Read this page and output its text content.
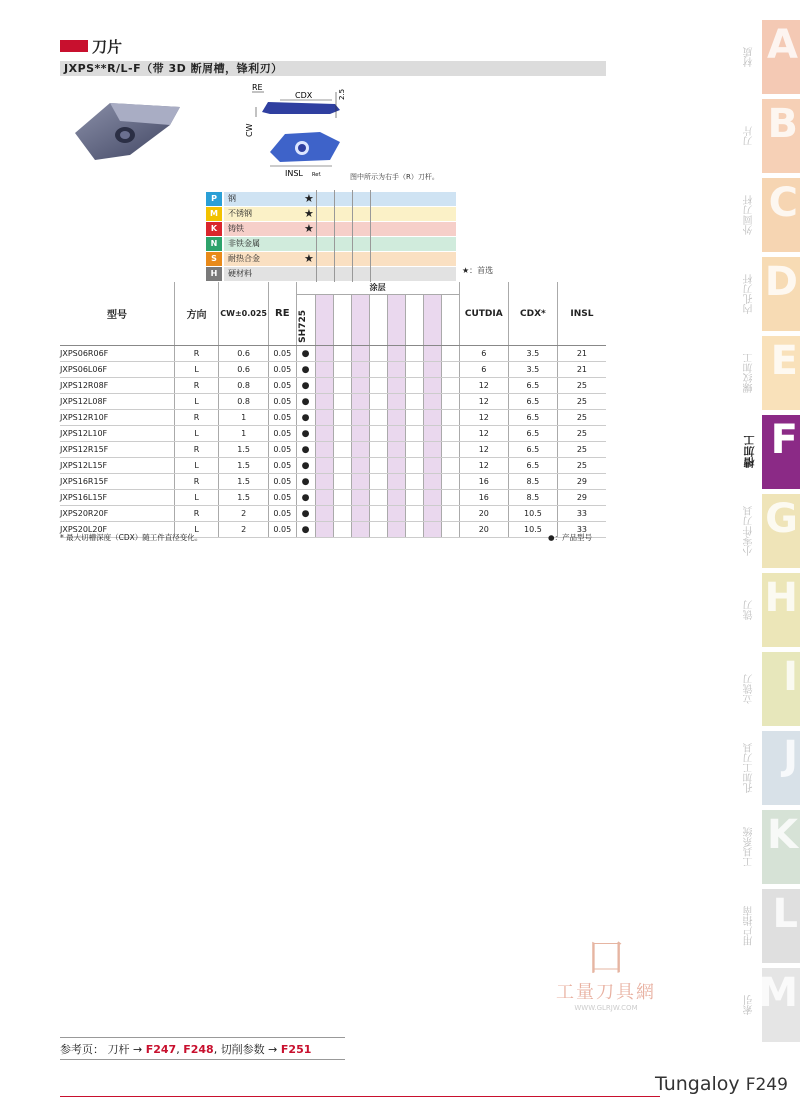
刀片
JXPS**R/L-F（带 3D 断屑槽，锋利刃）
RE
CDX	2.5
CW
INSL Ref.	图中所示为右手（R）刀杆。
P	钢	★
M	不锈钢	★
K	铸铁	★
N	非铁金属
S	耐热合金	★
H	硬材料	★：首选
型号	方向	CW±0.025	RE	涂层
SH725									CUTDIA	CDX*	INSL
JXPS06R06F	R	0.6	0.05	●									6	3.5	21
JXPS06L06F	L	0.6	0.05	●									6	3.5	21
JXPS12R08F	R	0.8	0.05	●									12	6.5	25
JXPS12L08F	L	0.8	0.05	●									12	6.5	25
JXPS12R10F	R	1	0.05	●									12	6.5	25
JXPS12L10F	L	1	0.05	●									12	6.5	25
JXPS12R15F	R	1.5	0.05	●									12	6.5	25
JXPS12L15F	L	1.5	0.05	●									12	6.5	25
JXPS16R15F	R	1.5	0.05	●									16	8.5	29
JXPS16L15F	L	1.5	0.05	●									16	8.5	29
JXPS20R20F	R	2	0.05	●									20	10.5	33
JXPS20L20F	L	2	0.05	●									20	10.5	33
* 最大切槽深度（CDX）随工件直径变化。	●：产品型号
⼞
工量刀具網
WWW.GLRJW.COM
参考页： 刀杆 → F247, F248, 切削参数 → F251
Tungaloy F249
A
材质
B
刀片
C
外圆刀杆
D
内孔刀杆
E
螺纹加工
F
槽加工
G
小零件刀具
H
铣刀
I
立铣刀
J
孔加工刀具
K
工具系统
L
用户指南
M
索引
